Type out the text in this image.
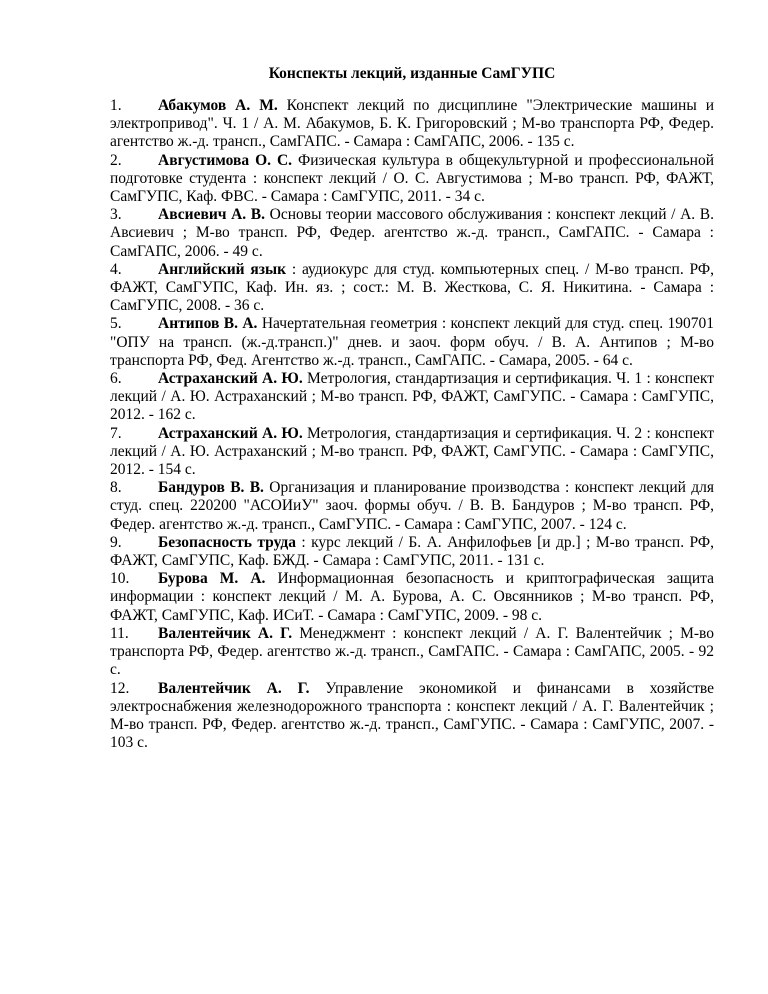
Конспекты лекций, изданные СамГУПС

1. Абакумов А. М. Конспект лекций по дисциплине "Электрические машины и электропривод". Ч. 1 / А. М. Абакумов, Б. К. Григоровский ; М-во транспорта РФ, Федер. агентство ж.-д. трансп., СамГАПС. - Самара : СамГАПС, 2006. - 135 с.

2. Августимова О. С. Физическая культура в общекультурной и профессиональной подготовке студента : конспект лекций / О. С. Августимова ; М-во трансп. РФ, ФАЖТ, СамГУПС, Каф. ФВС. - Самара : СамГУПС, 2011. - 34 с.

3. Авсиевич А. В. Основы теории массового обслуживания : конспект лекций / А. В. Авсиевич ; М-во трансп. РФ, Федер. агентство ж.-д. трансп., СамГАПС. - Самара : СамГАПС, 2006. - 49 с.

4. Английский язык : аудиокурс для студ. компьютерных спец. / М-во трансп. РФ, ФАЖТ, СамГУПС, Каф. Ин. яз. ; сост.: М. В. Жесткова, С. Я. Никитина. - Самара : СамГУПС, 2008. - 36 с.

5. Антипов В. А. Начертательная геометрия : конспект лекций для студ. спец. 190701 "ОПУ на трансп. (ж.-д.трансп.)" днев. и заоч. форм обуч. / В. А. Антипов ; М-во транспорта РФ, Фед. Агентство ж.-д. трансп., СамГАПС. - Самара, 2005. - 64 с.

6. Астраханский А. Ю. Метрология, стандартизация и сертификация. Ч. 1 : конспект лекций / А. Ю. Астраханский ; М-во трансп. РФ, ФАЖТ, СамГУПС. - Самара : СамГУПС, 2012. - 162 с.

7. Астраханский А. Ю. Метрология, стандартизация и сертификация. Ч. 2 : конспект лекций / А. Ю. Астраханский ; М-во трансп. РФ, ФАЖТ, СамГУПС. - Самара : СамГУПС, 2012. - 154 с.

8. Бандуров В. В. Организация и планирование производства : конспект лекций для студ. спец. 220200 "АСОИиУ" заоч. формы обуч. / В. В. Бандуров ; М-во трансп. РФ, Федер. агентство ж.-д. трансп., СамГУПС. - Самара : СамГУПС, 2007. - 124 с.

9. Безопасность труда : курс лекций / Б. А. Анфилофьев [и др.] ; М-во трансп. РФ, ФАЖТ, СамГУПС, Каф. БЖД. - Самара : СамГУПС, 2011. - 131 с.

10. Бурова М. А. Информационная безопасность и криптографическая защита информации : конспект лекций / М. А. Бурова, А. С. Овсянников ; М-во трансп. РФ, ФАЖТ, СамГУПС, Каф. ИСиТ. - Самара : СамГУПС, 2009. - 98 с.

11. Валентейчик А. Г. Менеджмент : конспект лекций / А. Г. Валентейчик ; М-во транспорта РФ, Федер. агентство ж.-д. трансп., СамГАПС. - Самара : СамГАПС, 2005. - 92 с.

12. Валентейчик А. Г. Управление экономикой и финансами в хозяйстве электроснабжения железнодорожного транспорта : конспект лекций / А. Г. Валентейчик ; М-во трансп. РФ, Федер. агентство ж.-д. трансп., СамГУПС. - Самара : СамГУПС, 2007. - 103 с.
